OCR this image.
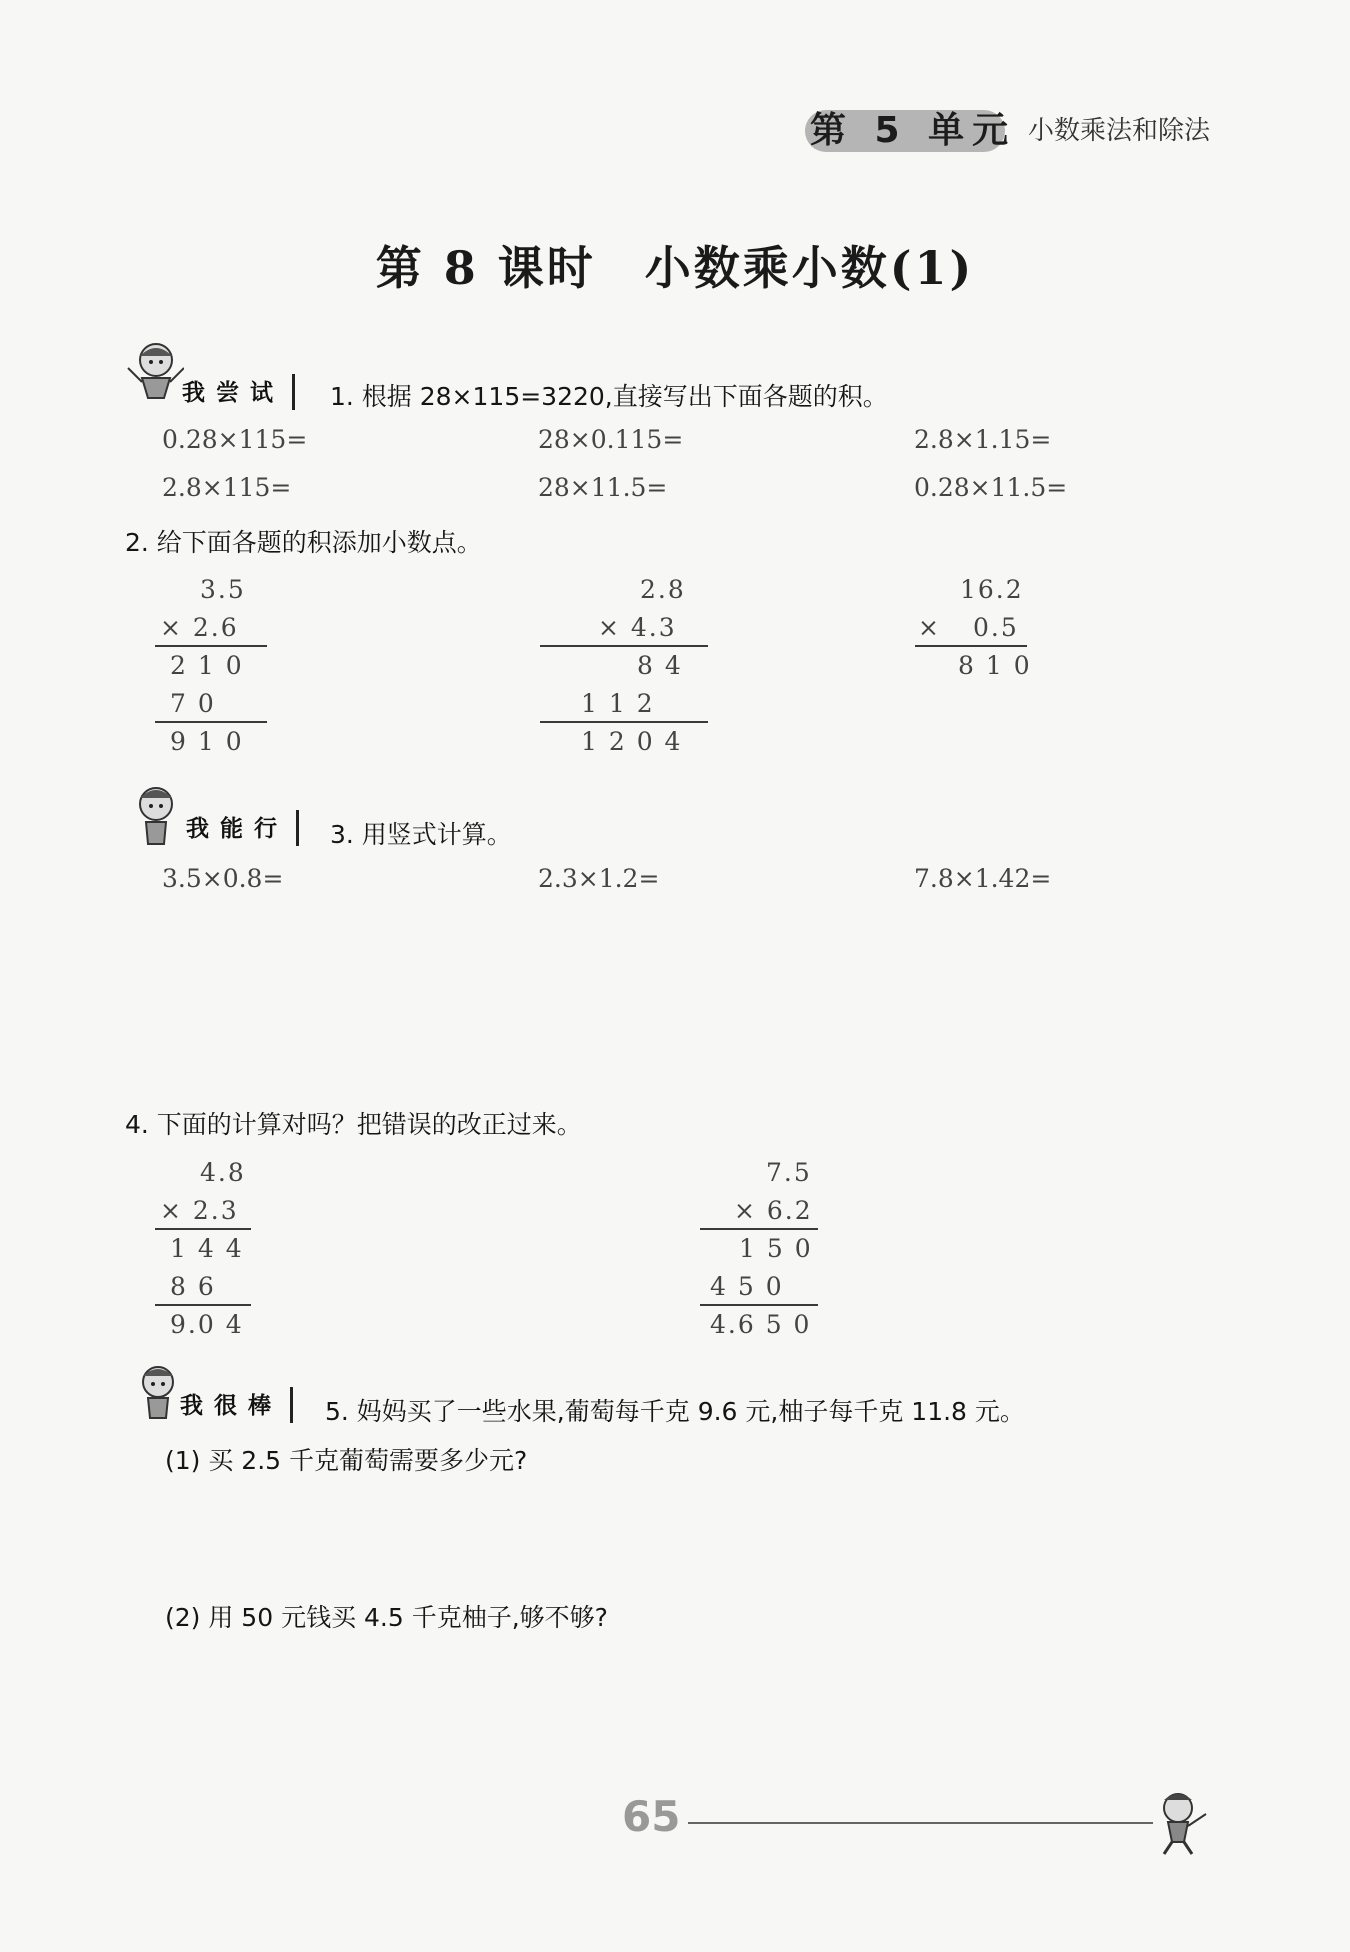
第 5 单元 小数乘法和除法
第 8 课时　小数乘小数(1)
我尝试	1. 根据 28×115=3220,直接写出下面各题的积。
0.28×115=	28×0.115=	2.8×1.15=
2.8×115=	28×11.5=	0.28×11.5=
2. 给下面各题的积添加小数点。
3.5
× 2.6
2 1 0
7 0
9 1 0
2.8
× 4.3
8 4
1 1 2
1 2 0 4
16.2
× 0.5
8 1 0
我能行	3. 用竖式计算。
3.5×0.8=	2.3×1.2=	7.8×1.42=
4. 下面的计算对吗？把错误的改正过来。
4.8
× 2.3
1 4 4
8 6
9.0 4
7.5
× 6.2
1 5 0
4 5 0
4.6 5 0
我很棒	5. 妈妈买了一些水果,葡萄每千克 9.6 元,柚子每千克 11.8 元。
(1) 买 2.5 千克葡萄需要多少元?
(2) 用 50 元钱买 4.5 千克柚子,够不够?
65
